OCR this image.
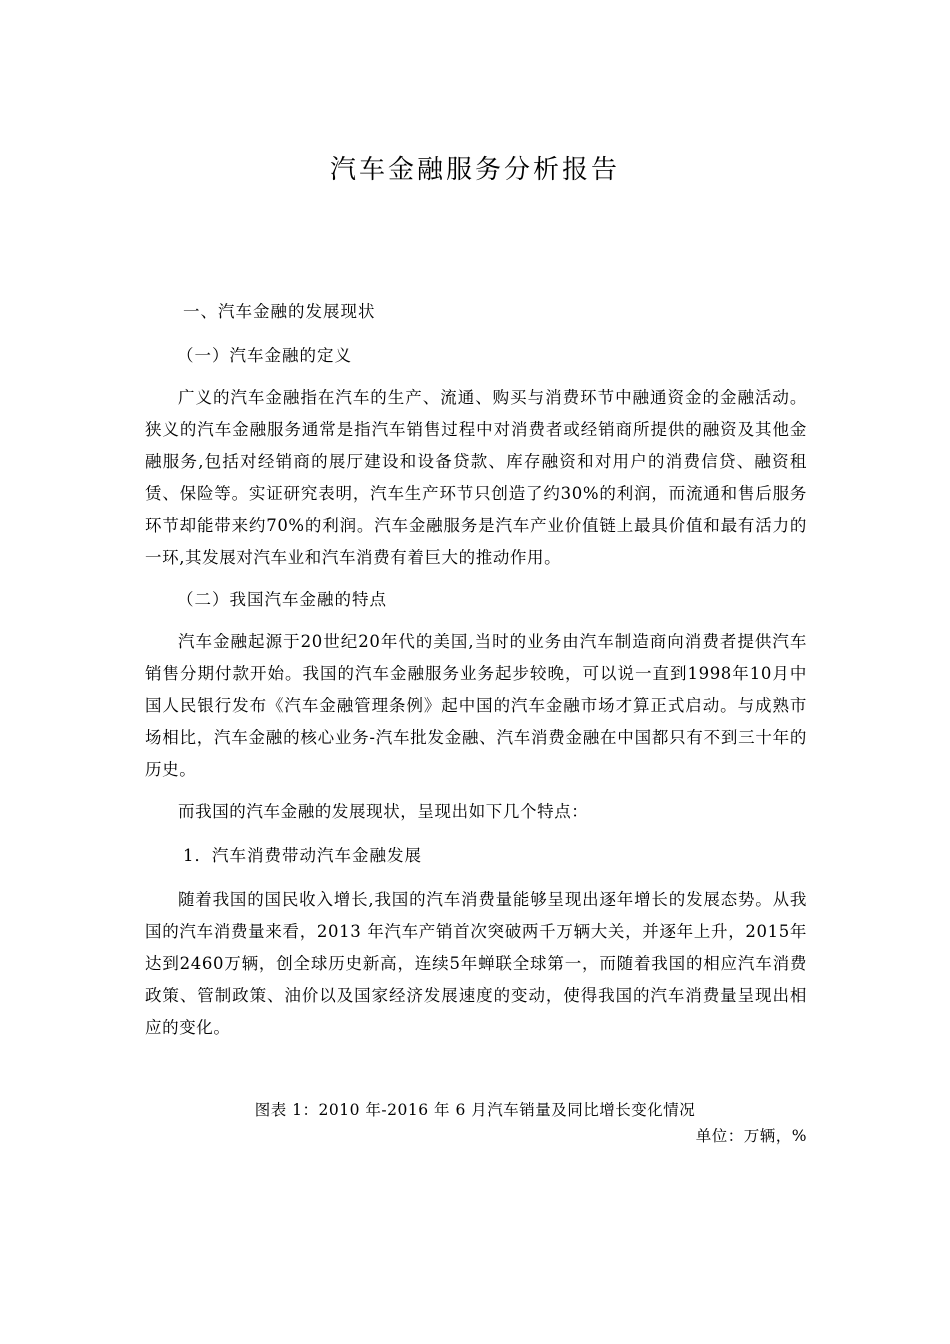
汽车金融服务分析报告

一、汽车金融的发展现状

（一）汽车金融的定义

广义的汽车金融指在汽车的生产、流通、购买与消费环节中融通资金的金融活动。狭义的汽车金融服务通常是指汽车销售过程中对消费者或经销商所提供的融资及其他金融服务,包括对经销商的展厅建设和设备贷款、库存融资和对用户的消费信贷、融资租赁、保险等。实证研究表明，汽车生产环节只创造了约30%的利润，而流通和售后服务环节却能带来约70%的利润。汽车金融服务是汽车产业价值链上最具价值和最有活力的一环,其发展对汽车业和汽车消费有着巨大的推动作用。

（二）我国汽车金融的特点

汽车金融起源于20世纪20年代的美国,当时的业务由汽车制造商向消费者提供汽车销售分期付款开始。我国的汽车金融服务业务起步较晚，可以说一直到1998年10月中国人民银行发布《汽车金融管理条例》起中国的汽车金融市场才算正式启动。与成熟市场相比，汽车金融的核心业务-汽车批发金融、汽车消费金融在中国都只有不到三十年的历史。

而我国的汽车金融的发展现状，呈现出如下几个特点：

1．汽车消费带动汽车金融发展

随着我国的国民收入增长,我国的汽车消费量能够呈现出逐年增长的发展态势。从我国的汽车消费量来看，2013 年汽车产销首次突破两千万辆大关，并逐年上升，2015年达到2460万辆，创全球历史新高，连续5年蝉联全球第一，而随着我国的相应汽车消费政策、管制政策、油价以及国家经济发展速度的变动，使得我国的汽车消费量呈现出相应的变化。

图表 1：2010 年-2016 年 6 月汽车销量及同比增长变化情况
单位：万辆，%
